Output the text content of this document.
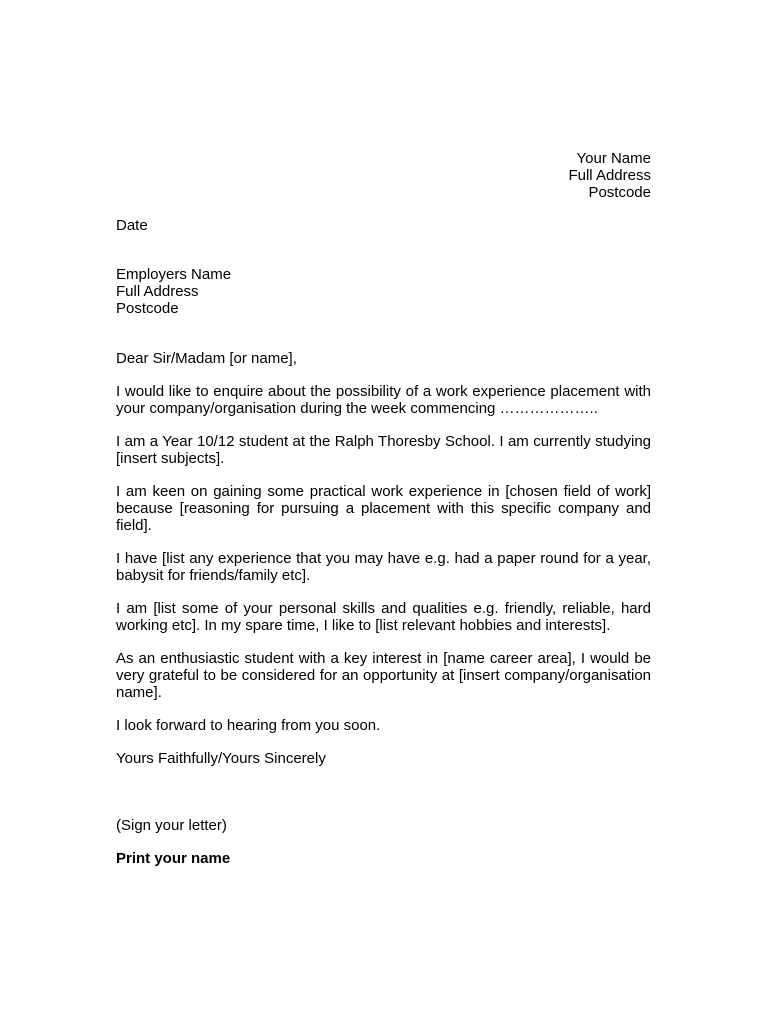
Your Name
Full Address
Postcode
Date
Employers Name
Full Address
Postcode
Dear Sir/Madam [or name],

I would like to enquire about the possibility of a work experience placement with your company/organisation during the week commencing ………………..

I am a Year 10/12 student at the Ralph Thoresby School. I am currently studying [insert subjects].

I am keen on gaining some practical work experience in [chosen field of work] because [reasoning for pursuing a placement with this specific company and field].

I have [list any experience that you may have e.g. had a paper round for a year, babysit for friends/family etc].

I am [list some of your personal skills and qualities e.g. friendly, reliable, hard working etc]. In my spare time, I like to [list relevant hobbies and interests].

As an enthusiastic student with a key interest in [name career area], I would be very grateful to be considered for an opportunity at [insert company/organisation name].

I look forward to hearing from you soon.

Yours Faithfully/Yours Sincerely
(Sign your letter)
Print your name
